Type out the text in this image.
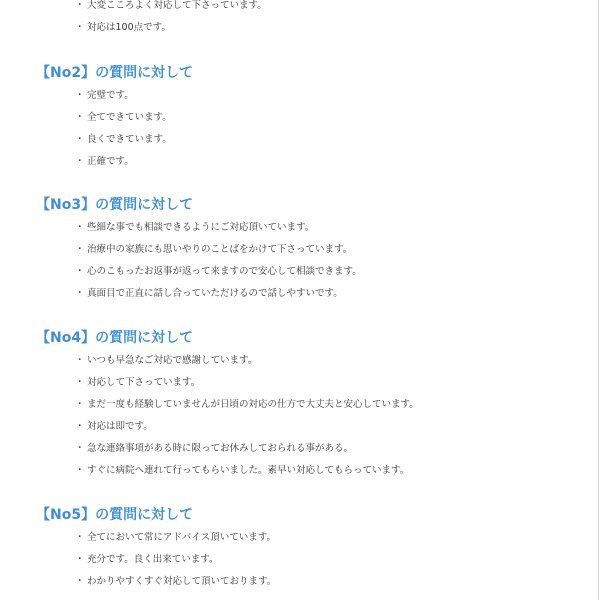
・ 大変こころよく対応して下さっています。
・ 対応は100点です。
【No2】の質問に対して
・ 完璧です。
・ 全てできています。
・ 良くできています。
・ 正確です。
【No3】の質問に対して
・ 些細な事でも相談できるようにご対応頂いています。
・ 治療中の家族にも思いやりのことばをかけて下さっています。
・ 心のこもったお返事が返って来ますので安心して相談できます。
・ 真面目で正直に話し合っていただけるので話しやすいです。
【No4】の質問に対して
・ いつも早急なご対応で感謝しています。
・ 対応して下さっています。
・ まだ一度も経験していませんが日頃の対応の仕方で大丈夫と安心しています。
・ 対応は即です。
・ 急な連絡事項がある時に限ってお休みしておられる事がある。
・ すぐに病院へ連れて行ってもらいました。素早い対応してもらっています。
【No5】の質問に対して
・ 全てにおいて常にアドバイス頂いています。
・ 充分です。良く出来ています。
・ わかりやすくすぐ対応して頂いております。
